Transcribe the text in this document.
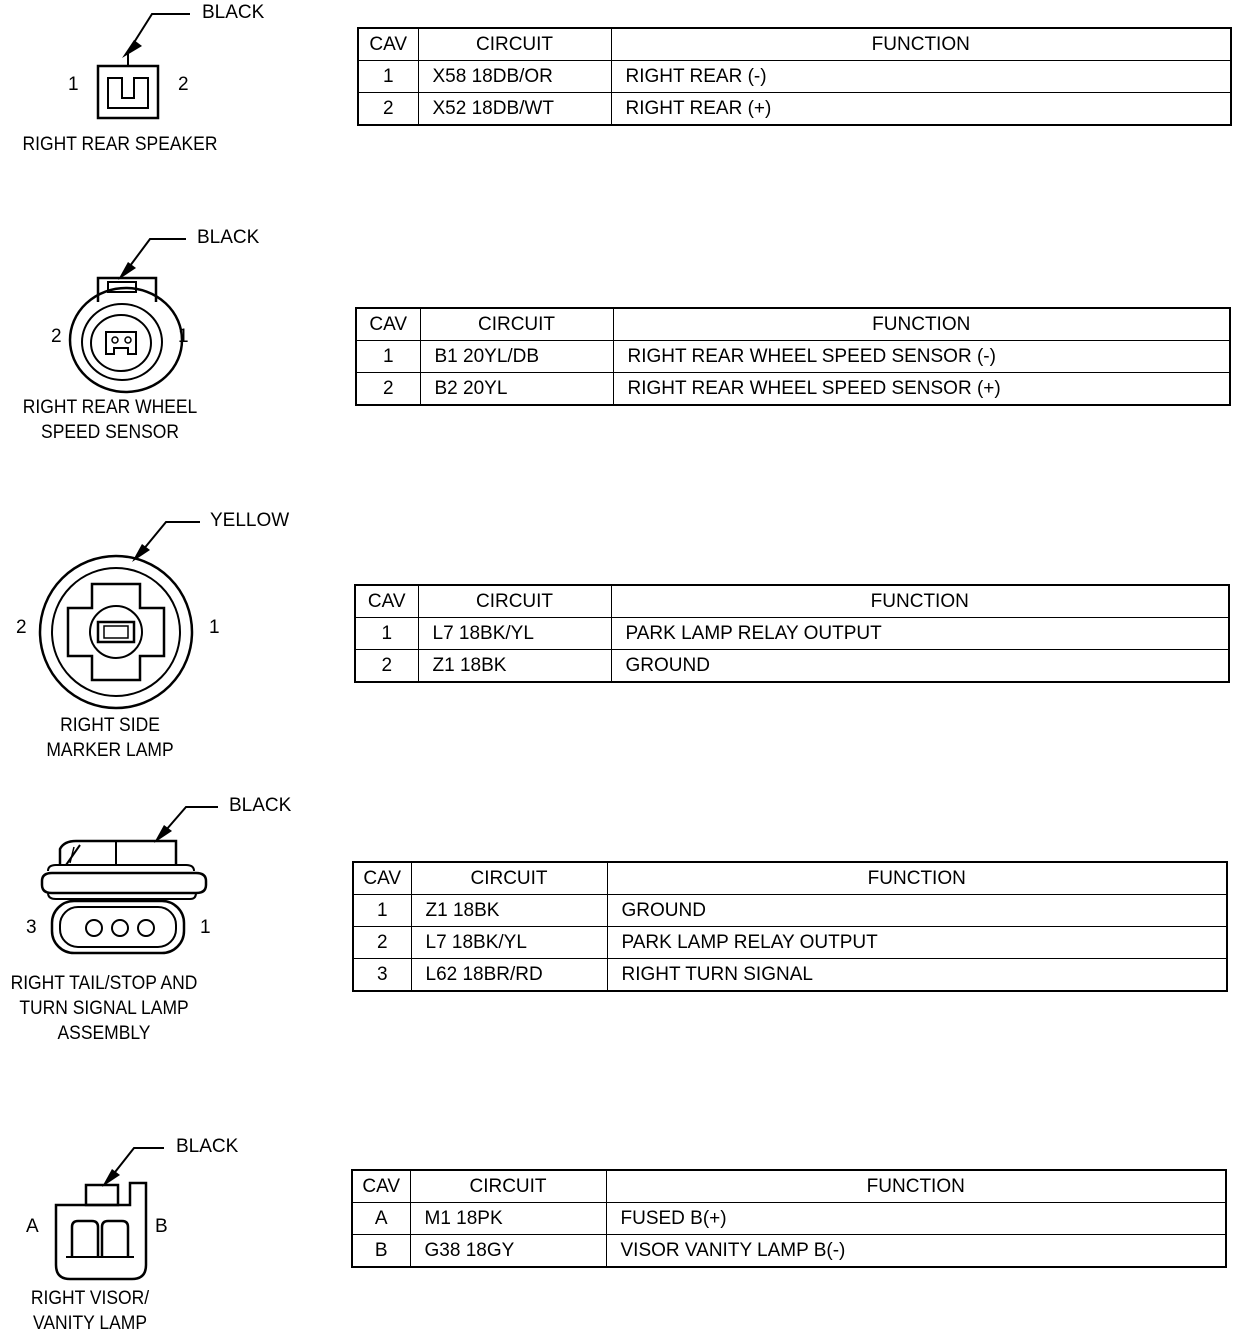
BLACK
1	2
RIGHT REAR SPEAKER
CAV	CIRCUIT	FUNCTION
1	X58 18DB/OR	RIGHT REAR (-)
2	X52 18DB/WT	RIGHT REAR (+)
BLACK
2	1
RIGHT REAR WHEEL
SPEED SENSOR
CAV	CIRCUIT	FUNCTION
1	B1 20YL/DB	RIGHT REAR WHEEL SPEED SENSOR (-)
2	B2 20YL	RIGHT REAR WHEEL SPEED SENSOR (+)
YELLOW
2	1
RIGHT SIDE
MARKER LAMP
CAV	CIRCUIT	FUNCTION
1	L7 18BK/YL	PARK LAMP RELAY OUTPUT
2	Z1 18BK	GROUND
BLACK
3	1
RIGHT TAIL/STOP AND
TURN SIGNAL LAMP
ASSEMBLY
CAV	CIRCUIT	FUNCTION
1	Z1 18BK	GROUND
2	L7 18BK/YL	PARK LAMP RELAY OUTPUT
3	L62 18BR/RD	RIGHT TURN SIGNAL
BLACK
A	B
RIGHT VISOR/
VANITY LAMP
CAV	CIRCUIT	FUNCTION
A	M1 18PK	FUSED B(+)
B	G38 18GY	VISOR VANITY LAMP B(-)
